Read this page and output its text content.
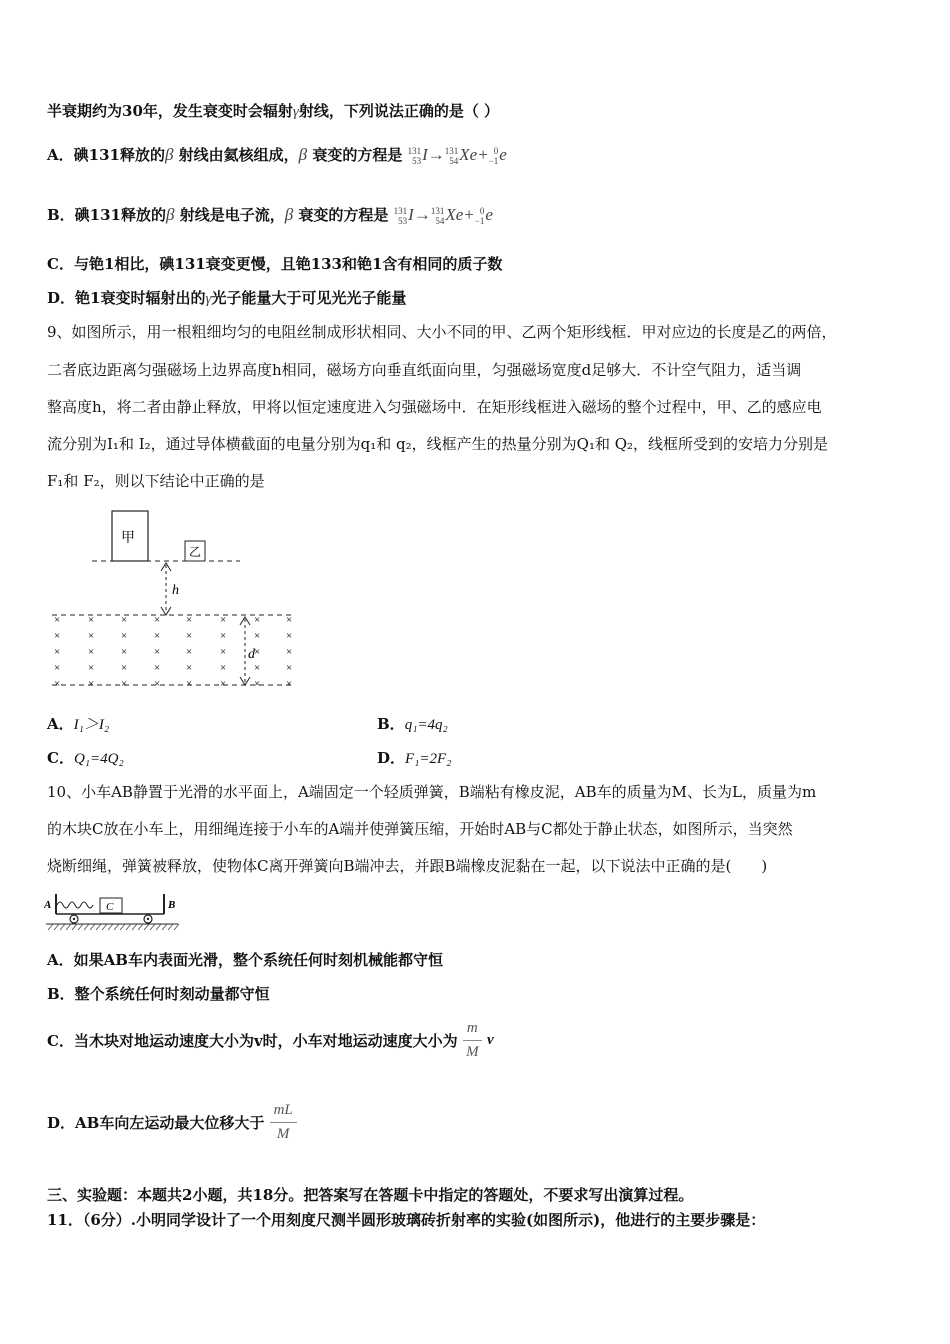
半衰期约为30年，发生衰变时会辐射γ射线，下列说法正确的是（ ）
A．碘131释放的β 射线由氦核组成，β 衰变的方程是 131
53I→131
54Xe+ 0
−1e
B．碘131释放的β 射线是电子流，β 衰变的方程是 131
53I→131
54Xe+ 0
−1e
C．与铯1相比，碘131衰变更慢，且铯133和铯1含有相同的质子数
D．铯1衰变时辐射出的γ光子能量大于可见光光子能量
9、如图所示，用一根粗细均匀的电阻丝制成形状相同、大小不同的甲、乙两个矩形线框．甲对应边的长度是乙的两倍，
二者底边距离匀强磁场上边界高度h相同，磁场方向垂直纸面向里，匀强磁场宽度d足够大．不计空气阻力，适当调
整高度h，将二者由静止释放，甲将以恒定速度进入匀强磁场中．在矩形线框进入磁场的整个过程中，甲、乙的感应电
流分别为I₁和 I₂，通过导体横截面的电量分别为q₁和 q₂，线框产生的热量分别为Q₁和 Q₂，线框所受到的安培力分别是
F₁和 F₂，则以下结论中正确的是
甲
乙
h
d
×
×
×
×
×
×
×
×
×
×
×
×
×
×
×
×
×
×
×
×
×
×
×
×
×
×
×
×
×
×
×
×
×
×
×
×
×
×
×
×
A．I₁＞I₂	B．q₁=4q₂
C．Q₁=4Q₂	D．F₁=2F₂
10、小车AB静置于光滑的水平面上，A端固定一个轻质弹簧，B端粘有橡皮泥，AB车的质量为M、长为L，质量为m
的木块C放在小车上，用细绳连接于小车的A端并使弹簧压缩，开始时AB与C都处于静止状态，如图所示，当突然
烧断细绳，弹簧被释放，使物体C离开弹簧向B端冲去，并跟B端橡皮泥黏在一起，以下说法中正确的是(　　)
A	B
C
A．如果AB车内表面光滑，整个系统任何时刻机械能都守恒
B．整个系统任何时刻动量都守恒
C．当木块对地运动速度大小为v时，小车对地运动速度大小为 $\frac{m}{M}$ v
D．AB车向左运动最大位移大于 $\frac{mL}{M}$
三、实验题：本题共2小题，共18分。把答案写在答题卡中指定的答题处，不要求写出演算过程。
11．（6分）.小明同学设计了一个用刻度尺测半圆形玻璃砖折射率的实验(如图所示)，他进行的主要步骤是：
